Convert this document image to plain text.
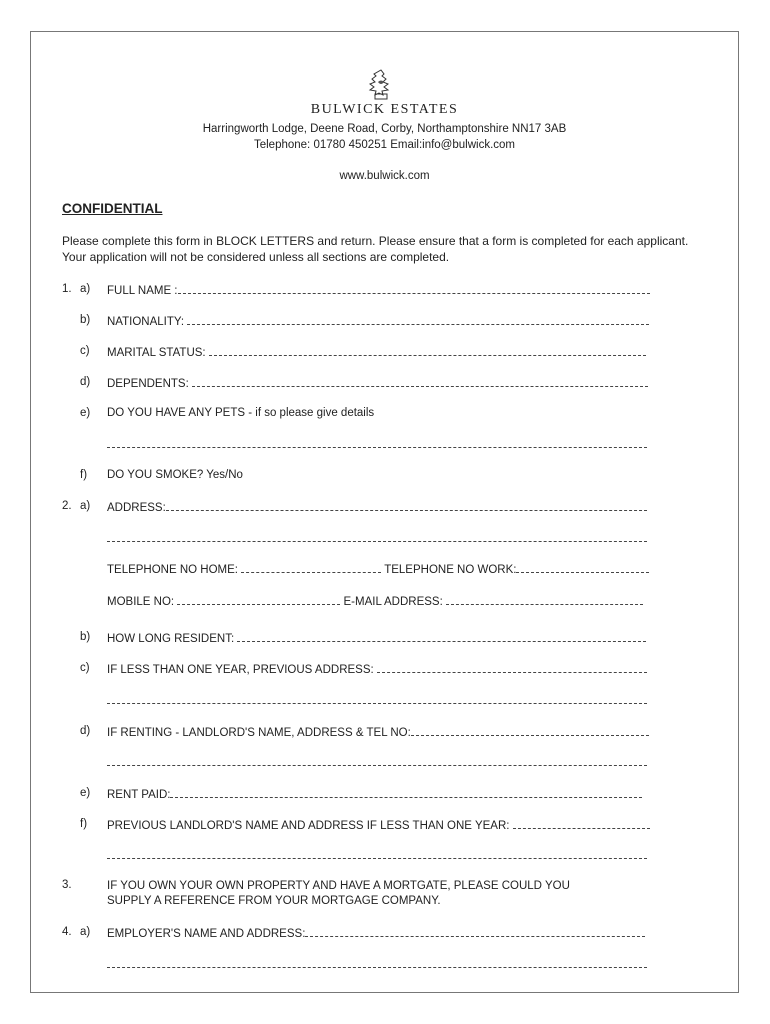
BULWICK ESTATES
Harringworth Lodge, Deene Road, Corby, Northamptonshire NN17 3AB
Telephone: 01780 450251 Email:info@bulwick.com
www.bulwick.com
CONFIDENTIAL
Please complete this form in BLOCK LETTERS and return. Please ensure that a form is completed for each applicant. Your application will not be considered unless all sections are completed.
1. a) FULL NAME :
b) NATIONALITY:
c) MARITAL STATUS:
d) DEPENDENTS:
e) DO YOU HAVE ANY PETS - if so please give details
f) DO YOU SMOKE? Yes/No
2. a) ADDRESS:
TELEPHONE NO HOME:	TELEPHONE NO WORK:
MOBILE NO:	E-MAIL ADDRESS:
b) HOW LONG RESIDENT:
c) IF LESS THAN ONE YEAR, PREVIOUS ADDRESS:
d) IF RENTING - LANDLORD'S NAME, ADDRESS & TEL NO:
e) RENT PAID:
f) PREVIOUS LANDLORD'S NAME AND ADDRESS IF LESS THAN ONE YEAR:
3.	IF YOU OWN YOUR OWN PROPERTY AND HAVE A MORTGATE, PLEASE COULD YOU SUPPLY A REFERENCE FROM YOUR MORTGAGE COMPANY.
4. a) EMPLOYER'S NAME AND ADDRESS:
